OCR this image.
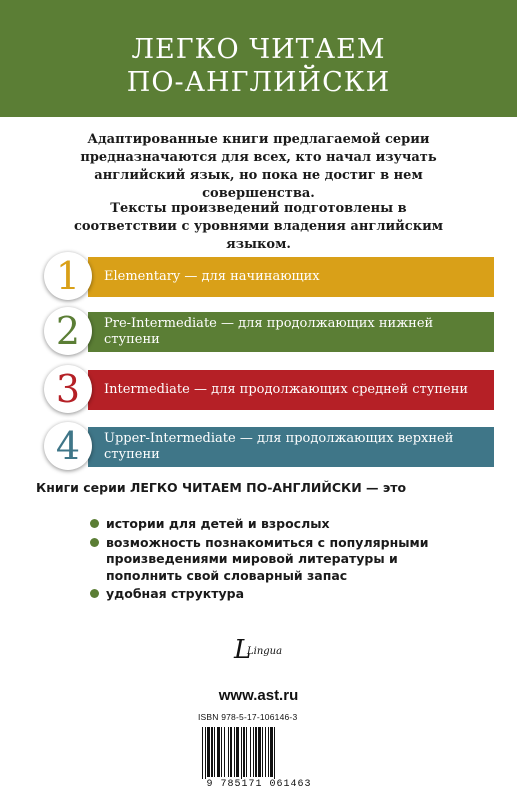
ЛЕГКО ЧИТАЕМ
ПО-АНГЛИЙСКИ
Адаптированные книги предлагаемой серии предназначаются для всех, кто начал изучать английский язык, но пока не достиг в нем совершенства.
Тексты произведений подготовлены в соответствии с уровнями владения английским языком.
Elementary — для начинающих
1
Pre-Intermediate — для продолжающих нижней ступени
2
Intermediate — для продолжающих средней ступени
3
Upper-Intermediate — для продолжающих верхней ступени
4
Книги серии ЛЕГКО ЧИТАЕМ ПО-АНГЛИЙСКИ — это
истории для детей и взрослых
возможность познакомиться с популярными произведениями мировой литературы и пополнить свой словарный запас
удобная структура
L
Lingua
www.ast.ru
ISBN 978-5-17-106146-3
9 785171 061463
